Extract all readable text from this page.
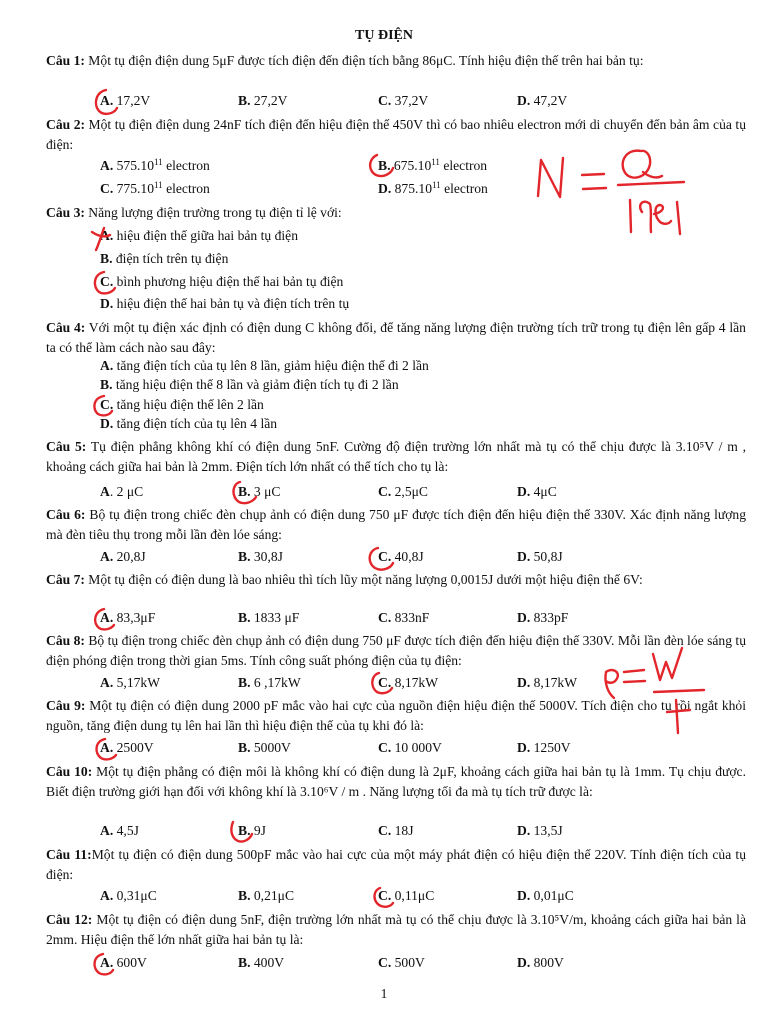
TỤ ĐIỆN
Câu 1: Một tụ điện điện dung 5μF được tích điện đến điện tích bằng 86μC. Tính hiệu điện thế trên hai bản tụ:
A. 17,2V	B. 27,2V	C. 37,2V	D. 47,2V
Câu 2: Một tụ điện điện dung 24nF tích điện đến hiệu điện thế 450V thì có bao nhiêu electron mới di chuyển đến bản âm của tụ điện:
A. 575.10$^{11}$ electron	B. 675.10$^{11}$ electron
C. 775.10$^{11}$ electron	D. 875.10$^{11}$ electron
Câu 3: Năng lượng điện trường trong tụ điện tỉ lệ với:
A. hiệu điện thế giữa hai bản tụ điện
B. điện tích trên tụ điện
C. bình phương hiệu điện thế hai bản tụ điện
D. hiệu điện thế hai bản tụ và điện tích trên tụ
Câu 4: Với một tụ điện xác định có điện dung C không đổi, để tăng năng lượng điện trường tích trữ trong tụ điện lên gấp 4 lần ta có thể làm cách nào sau đây:
A. tăng điện tích của tụ lên 8 lần, giảm hiệu điện thế đi 2 lần
B. tăng hiệu điện thế 8 lần và giảm điện tích tụ đi 2 lần
C. tăng hiệu điện thế lên 2 lần
D. tăng điện tích của tụ lên 4 lần
Câu 5: Tụ điện phẳng không khí có điện dung 5nF. Cường độ điện trường lớn nhất mà tụ có thể chịu được là 3.10⁵V / m , khoảng cách giữa hai bản là 2mm. Điện tích lớn nhất có thể tích cho tụ là:
A. 2 μC	B. 3 μC	C. 2,5μC	D. 4μC
Câu 6: Bộ tụ điện trong chiếc đèn chụp ảnh có điện dung 750 μF được tích điện đến hiệu điện thế 330V. Xác định năng lượng mà đèn tiêu thụ trong mỗi lần đèn lóe sáng:
A. 20,8J	B. 30,8J	C. 40,8J	D. 50,8J
Câu 7: Một tụ điện có điện dung là bao nhiêu thì tích lũy một năng lượng 0,0015J dưới một hiệu điện thế 6V:
A. 83,3μF	B. 1833 μF	C. 833nF	D. 833pF
Câu 8: Bộ tụ điện trong chiếc đèn chụp ảnh có điện dung 750 μF được tích điện đến hiệu điện thế 330V. Mỗi lần đèn lóe sáng tụ điện phóng điện trong thời gian 5ms. Tính công suất phóng điện của tụ điện:
A. 5,17kW	B. 6 ,17kW	C. 8,17kW	D. 8,17kW
Câu 9: Một tụ điện có điện dung 2000 pF mắc vào hai cực của nguồn điện hiệu điện thế 5000V. Tích điện cho tụ rồi ngắt khỏi nguồn, tăng điện dung tụ lên hai lần thì hiệu điện thế của tụ khi đó là:
A. 2500V	B. 5000V	C. 10 000V	D. 1250V
Câu 10: Một tụ điện phẳng có điện môi là không khí có điện dung là 2μF, khoảng cách giữa hai bản tụ là 1mm. Tụ chịu được. Biết điện trường giới hạn đối với không khí là 3.10⁶V / m . Năng lượng tối đa mà tụ tích trữ được là:
A. 4,5J	B. 9J	C. 18J	D. 13,5J
Câu 11:Một tụ điện có điện dung 500pF mắc vào hai cực của một máy phát điện có hiệu điện thế 220V. Tính điện tích của tụ điện:
A. 0,31μC	B. 0,21μC	C. 0,11μC	D. 0,01μC
Câu 12: Một tụ điện có điện dung 5nF, điện trường lớn nhất mà tụ có thể chịu được là 3.10⁵V/m, khoảng cách giữa hai bản là 2mm. Hiệu điện thế lớn nhất giữa hai bản tụ là:
A. 600V	B. 400V	C. 500V	D. 800V
1
